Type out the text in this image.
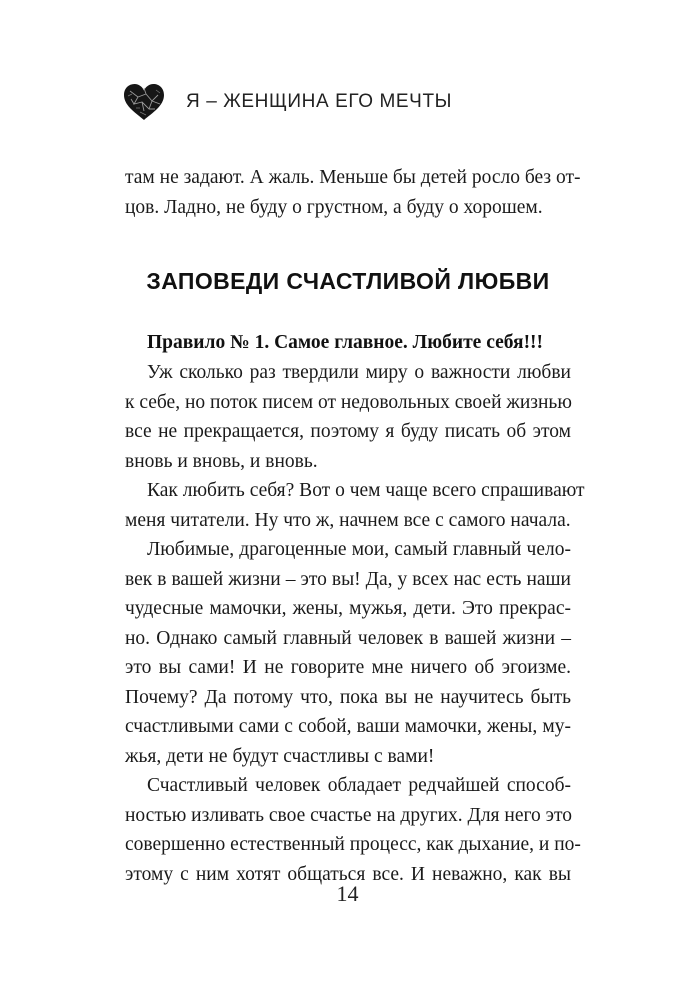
Я – ЖЕНЩИНА ЕГО МЕЧТЫ
там не задают. А жаль. Меньше бы детей росло без от-
цов. Ладно, не буду о грустном, а буду о хорошем.
ЗАПОВЕДИ СЧАСТЛИВОЙ ЛЮБВИ
Правило № 1. Самое главное. Любите себя!!!
Уж сколько раз твердили миру о важности любви
к себе, но поток писем от недовольных своей жизнью
все не прекращается, поэтому я буду писать об этом
вновь и вновь, и вновь.
Как любить себя? Вот о чем чаще всего спрашивают
меня читатели. Ну что ж, начнем все с самого начала.
Любимые, драгоценные мои, самый главный чело-
век в вашей жизни – это вы! Да, у всех нас есть наши
чудесные мамочки, жены, мужья, дети. Это прекрас-
но. Однако самый главный человек в вашей жизни –
это вы сами! И не говорите мне ничего об эгоизме.
Почему? Да потому что, пока вы не научитесь быть
счастливыми сами с собой, ваши мамочки, жены, му-
жья, дети не будут счастливы с вами!
Счастливый человек обладает редчайшей способ-
ностью изливать свое счастье на других. Для него это
совершенно естественный процесс, как дыхание, и по-
этому с ним хотят общаться все. И неважно, как вы
14
